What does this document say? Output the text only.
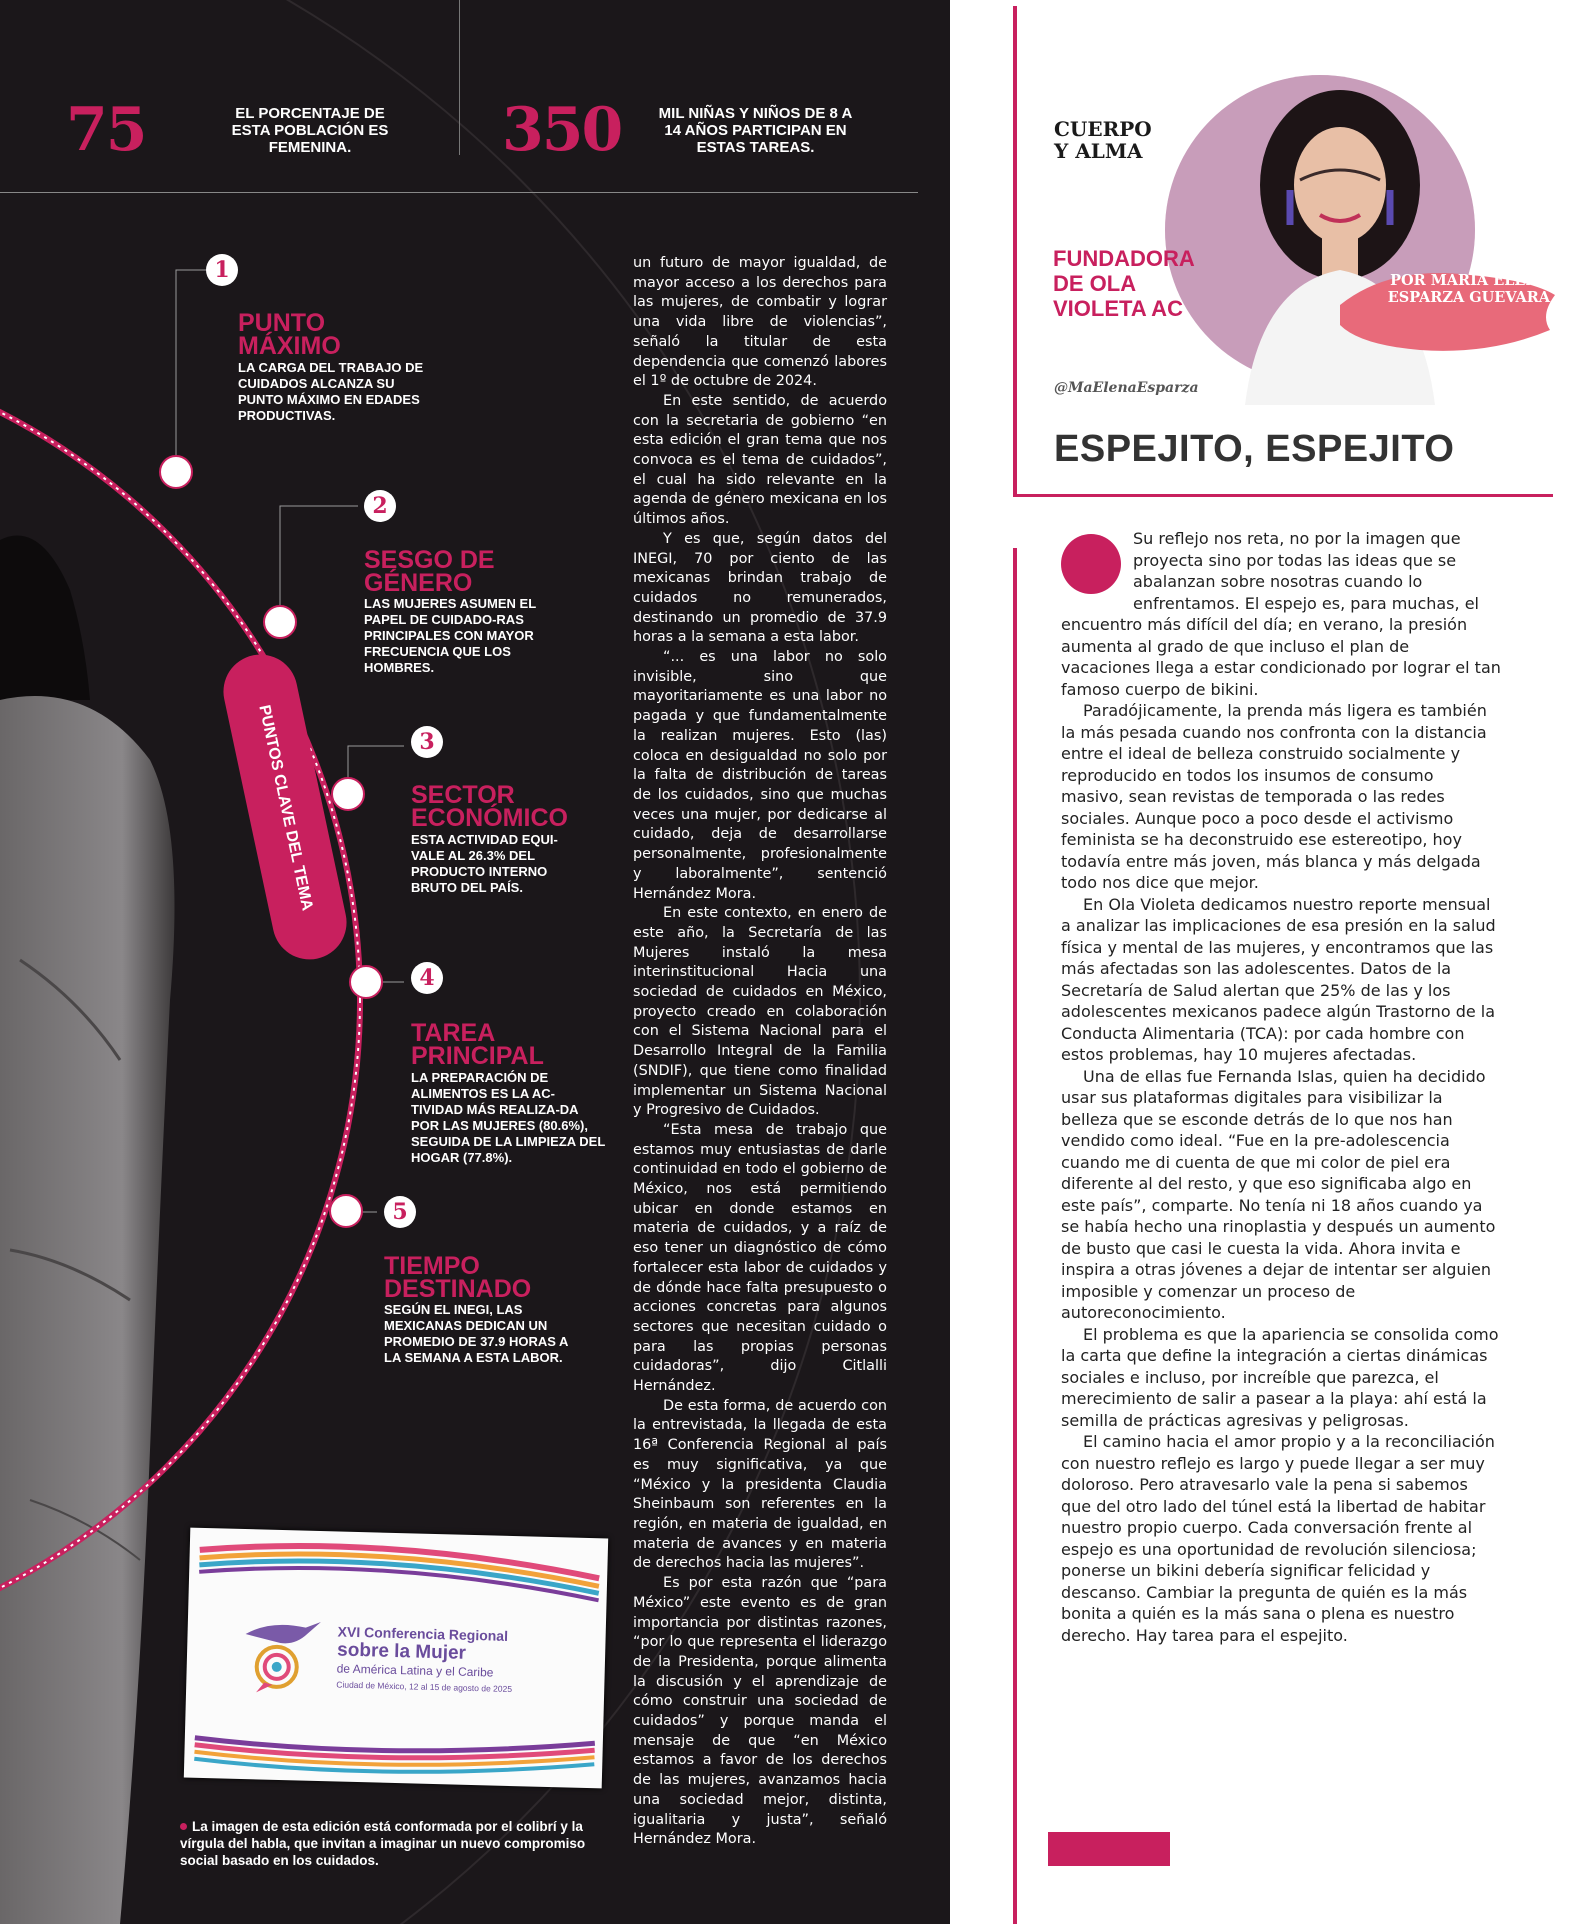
75	EL PORCENTAJE DE ESTA POBLACIÓN ES FEMENINA.	350	MIL NIÑAS Y NIÑOS DE 8 A 14 AÑOS PARTICIPAN EN ESTAS TAREAS.
PUNTOS CLAVE DEL TEMA
1
PUNTO MÁXIMO
LA CARGA DEL TRABAJO DE CUIDADOS ALCANZA SU PUNTO MÁXIMO EN EDADES PRODUCTIVAS.
2
SESGO DE GÉNERO
LAS MUJERES ASUMEN EL PAPEL DE CUIDADO-RAS PRINCIPALES CON MAYOR FRECUENCIA QUE LOS HOMBRES.
3
SECTOR ECONÓMICO
ESTA ACTIVIDAD EQUI-VALE AL 26.3% DEL PRODUCTO INTERNO BRUTO DEL PAÍS.
4
TAREA PRINCIPAL
LA PREPARACIÓN DE ALIMENTOS ES LA AC-TIVIDAD MÁS REALIZA-DA POR LAS MUJERES (80.6%), SEGUIDA DE LA LIMPIEZA DEL HOGAR (77.8%).
5
TIEMPO DESTINADO
SEGÚN EL INEGI, LAS MEXICANAS DEDICAN UN PROMEDIO DE 37.9 HORAS A LA SEMANA A ESTA LABOR.

un futuro de mayor igualdad, de mayor acceso a los derechos para las mujeres, de combatir y lograr una vida libre de violencias”, señaló la titular de esta dependencia que comenzó labores el 1º de octubre de 2024.

En este sentido, de acuerdo con la secretaria de gobierno “en esta edición el gran tema que nos convoca es el tema de cuidados”, el cual ha sido relevante en la agenda de género mexicana en los últimos años.

Y es que, según datos del INEGI, 70 por ciento de las mexicanas brindan trabajo de cuidados no remunerados, destinando un promedio de 37.9 horas a la semana a esta labor.

“... es una labor no solo invisible, sino que mayoritariamente es una labor no pagada y que fundamentalmente la realizan mujeres. Esto (las) coloca en desigualdad no solo por la falta de distribución de tareas de los cuidados, sino que muchas veces una mujer, por dedicarse al cuidado, deja de desarrollarse personalmente, profesionalmente y laboralmente”, sentenció Hernández Mora.

En este contexto, en enero de este año, la Secretaría de las Mujeres instaló la mesa interinstitucional Hacia una sociedad de cuidados en México, proyecto creado en colaboración con el Sistema Nacional para el Desarrollo Integral de la Familia (SNDIF), que tiene como finalidad implementar un Sistema Nacional y Progresivo de Cuidados.

“Esta mesa de trabajo que estamos muy entusiastas de darle continuidad en todo el gobierno de México, nos está permitiendo ubicar en donde estamos en materia de cuidados, y a raíz de eso tener un diagnóstico de cómo fortalecer esta labor de cuidados y de dónde hace falta presupuesto o acciones concretas para algunos sectores que necesitan cuidado o para las propias personas cuidadoras”, dijo Citlalli Hernández.

De esta forma, de acuerdo con la entrevistada, la llegada de esta 16ª Conferencia Regional al país es muy significativa, ya que “México y la presidenta Claudia Sheinbaum son referentes en la región, en materia de igualdad, en materia de avances y en materia de derechos hacia las mujeres”.

Es por esta razón que “para México” este evento es de gran importancia por distintas razones, “por lo que representa el liderazgo de la Presidenta, porque alimenta la discusión y el aprendizaje de cómo construir una sociedad de cuidados” y porque manda el mensaje de que “en México estamos a favor de los derechos de las mujeres, avanzamos hacia una sociedad mejor, distinta, igualitaria y justa”, señaló Hernández Mora.

XVI Conferencia Regional
sobre la Mujer
de América Latina y el Caribe
Ciudad de México, 12 al 15 de agosto de 2025
La imagen de esta edición está conformada por el colibrí y la vírgula del habla, que invitan a imaginar un nuevo compromiso social basado en los cuidados.
CUERPO
Y ALMA
FUNDADORA DE OLA VIOLETA AC
POR MARÍA ELENA ESPARZA GUEVARA
@MaElenaEsparza
ESPEJITO, ESPEJITO

Su reflejo nos reta, no por la imagen que proyecta sino por todas las ideas que se abalanzan sobre nosotras cuando lo enfrentamos. El espejo es, para muchas, el encuentro más difícil del día; en verano, la presión aumenta al grado de que incluso el plan de vacaciones llega a estar condicionado por lograr el tan famoso cuerpo de bikini.

Paradójicamente, la prenda más ligera es también la más pesada cuando nos confronta con la distancia entre el ideal de belleza construido socialmente y reproducido en todos los insumos de consumo masivo, sean revistas de temporada o las redes sociales. Aunque poco a poco desde el activismo feminista se ha deconstruido ese estereotipo, hoy todavía entre más joven, más blanca y más delgada todo nos dice que mejor.

En Ola Violeta dedicamos nuestro reporte mensual a analizar las implicaciones de esa presión en la salud física y mental de las mujeres, y encontramos que las más afectadas son las adolescentes. Datos de la Secretaría de Salud alertan que 25% de las y los adolescentes mexicanos padece algún Trastorno de la Conducta Alimentaria (TCA): por cada hombre con estos problemas, hay 10 mujeres afectadas.

Una de ellas fue Fernanda Islas, quien ha decidido usar sus plataformas digitales para visibilizar la belleza que se esconde detrás de lo que nos han vendido como ideal. “Fue en la pre-adolescencia cuando me di cuenta de que mi color de piel era diferente al del resto, y que eso significaba algo en este país”, comparte. No tenía ni 18 años cuando ya se había hecho una rinoplastia y después un aumento de busto que casi le cuesta la vida. Ahora invita e inspira a otras jóvenes a dejar de intentar ser alguien imposible y comenzar un proceso de autoreconocimiento.

El problema es que la apariencia se consolida como la carta que define la integración a ciertas dinámicas sociales e incluso, por increíble que parezca, el merecimiento de salir a pasear a la playa: ahí está la semilla de prácticas agresivas y peligrosas.

El camino hacia el amor propio y a la reconciliación con nuestro reflejo es largo y puede llegar a ser muy doloroso. Pero atravesarlo vale la pena si sabemos que del otro lado del túnel está la libertad de habitar nuestro propio cuerpo. Cada conversación frente al espejo es una oportunidad de revolución silenciosa; ponerse un bikini debería significar felicidad y descanso. Cambiar la pregunta de quién es la más bonita a quién es la más sana o plena es nuestro derecho. Hay tarea para el espejito.
